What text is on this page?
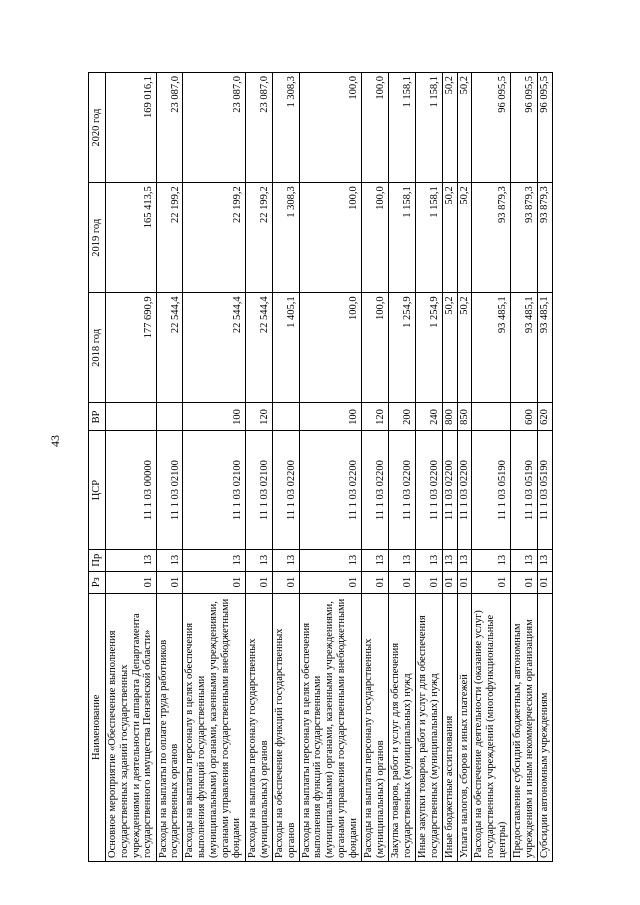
43
Наименование	Рз	Пр	ЦСР	ВР	2018 год	2019 год	2020 год
Основное мероприятие «Обеспечение выполнения государственных заданий государственных учреждениями и деятельности аппарата Департамента государственного имущества Пензенской области»	01	13	11 1 03 00000		177 690,9	165 413,5	169 016,1
Расходы на выплаты по оплате труда работников государственных органов	01	13	11 1 03 02100		22 544,4	22 199,2	23 087,0
Расходы на выплаты персоналу в целях обеспечения выполнения функций государственными (муниципальными) органами, казенными учреждениями, органами управления государственными внебюджетными фондами	01	13	11 1 03 02100	100	22 544,4	22 199,2	23 087,0
Расходы на выплаты персоналу государственных (муниципальных) органов	01	13	11 1 03 02100	120	22 544,4	22 199,2	23 087,0
Расходы на обеспечение функций государственных органов	01	13	11 1 03 02200		1 405,1	1 308,3	1 308,3
Расходы на выплаты персоналу в целях обеспечения выполнения функций государственными (муниципальными) органами, казенными учреждениями, органами управления государственными внебюджетными фондами	01	13	11 1 03 02200	100	100,0	100,0	100,0
Расходы на выплаты персоналу государственных (муниципальных) органов	01	13	11 1 03 02200	120	100,0	100,0	100,0
Закупка товаров, работ и услуг для обеспечения государственных (муниципальных) нужд	01	13	11 1 03 02200	200	1 254,9	1 158,1	1 158,1
Иные закупки товаров, работ и услуг для обеспечения государственных (муниципальных) нужд	01	13	11 1 03 02200	240	1 254,9	1 158,1	1 158,1
Иные бюджетные ассигнования	01	13	11 1 03 02200	800	50,2	50,2	50,2
Уплата налогов, сборов и иных платежей	01	13	11 1 03 02200	850	50,2	50,2	50,2
Расходы на обеспечение деятельности (оказание услуг) государственных учреждений (многофункциональные центры)	01	13	11 1 03 05190		93 485,1	93 879,3	96 095,5
Предоставление субсидий бюджетным, автономным учреждениям и иным некоммерческим организациям	01	13	11 1 03 05190	600	93 485,1	93 879,3	96 095,5
Субсидии автономным учреждениям	01	13	11 1 03 05190	620	93 485,1	93 879,3	96 095,5
